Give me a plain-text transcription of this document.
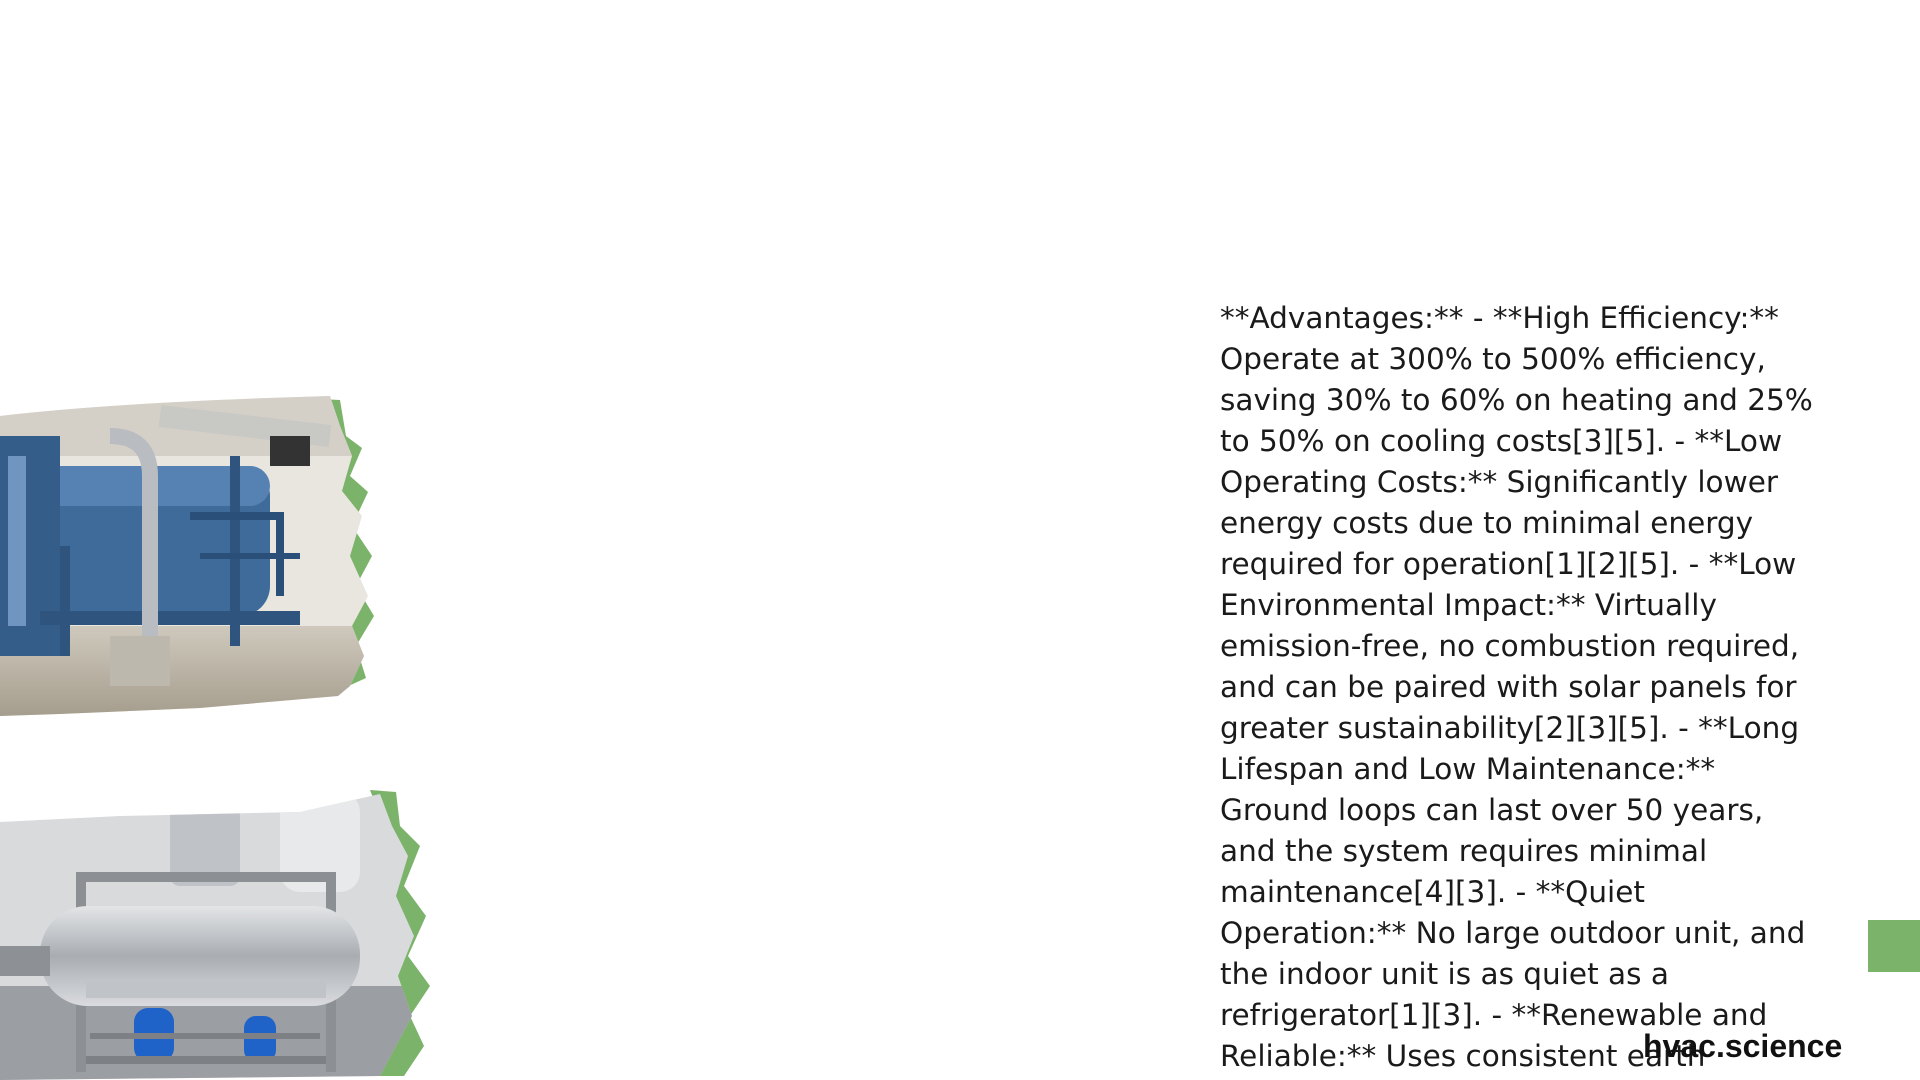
**Advantages:** - **High Efficiency:** Operate at 300% to 500% efficiency, saving 30% to 60% on heating and 25% to 50% on cooling costs[3][5]. - **Low Operating Costs:** Significantly lower energy costs due to minimal energy required for operation[1][2][5]. - **Low Environmental Impact:** Virtually emission-free, no combustion required, and can be paired with solar panels for greater sustainability[2][3][5]. - **Long Lifespan and Low Maintenance:** Ground loops can last over 50 years, and the system requires minimal maintenance[4][3]. - **Quiet Operation:** No large outdoor unit, and the indoor unit is as quiet as a refrigerator[1][3]. - **Renewable and Reliable:** Uses consistent earth

hvac.science
